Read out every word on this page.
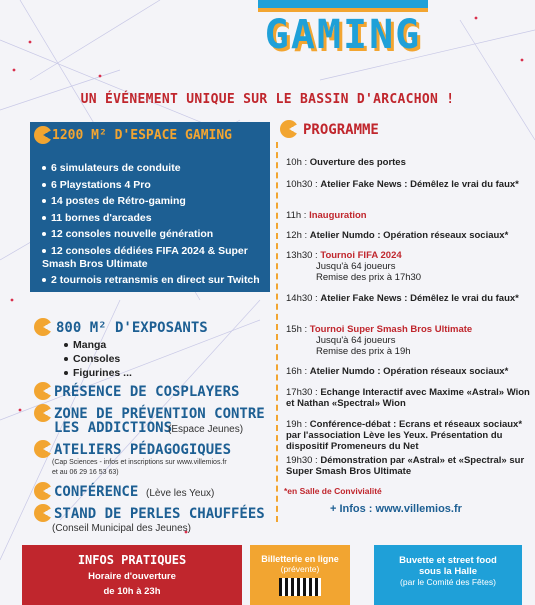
GAMING
UN ÉVÉNEMENT UNIQUE SUR LE BASSIN D'ARCACHON !
1200 M² D'ESPACE GAMING
6 simulateurs de conduite
6 Playstations 4 Pro
14 postes de Rétro-gaming
11 bornes d'arcades
12 consoles nouvelle génération
12 consoles dédiées FIFA 2024 & Super Smash Bros Ultimate
2 tournois retransmis en direct sur Twitch
800 M² D'EXPOSANTS
Manga
Consoles
Figurines ...
PRÉSENCE DE COSPLAYERS
ZONE DE PRÉVENTION CONTRE
LES ADDICTIONS
(Espace Jeunes)
ATELIERS PÉDAGOGIQUES
(Cap Sciences - infos et inscriptions sur www.villemios.fr
et au 06 29 16 53 63)
CONFÉRENCE (Lève les Yeux)
STAND DE PERLES CHAUFFÉES
(Conseil Municipal des Jeunes)
PROGRAMME
10h : Ouverture des portes
10h30 : Atelier Fake News : Démêlez le vrai du faux*
11h : Inauguration
12h : Atelier Numdo : Opération réseaux sociaux*
13h30 : Tournoi FIFA 2024
Jusqu'à 64 joueurs
Remise des prix à 17h30
14h30 : Atelier Fake News : Démêlez le vrai du faux*
15h : Tournoi Super Smash Bros Ultimate
Jusqu'à 64 joueurs
Remise des prix à 19h
16h : Atelier Numdo : Opération réseaux sociaux*
17h30 : Echange Interactif avec Maxime «Astral» Wion et Nathan «Spectral» Wion
19h : Conférence-débat : Ecrans et réseaux sociaux* par l'association Lève les Yeux. Présentation du dispositif Promeneurs du Net
19h30 : Démonstration par «Astral» et «Spectral» sur Super Smash Bros Ultimate
*en Salle de Convivialité
+ Infos : www.villemios.fr
INFOS PRATIQUES
Horaire d'ouverture
de 10h à 23h
Billetterie en ligne
(prévente)
Buvette et street food
sous la Halle
(par le Comité des Fêtes)
